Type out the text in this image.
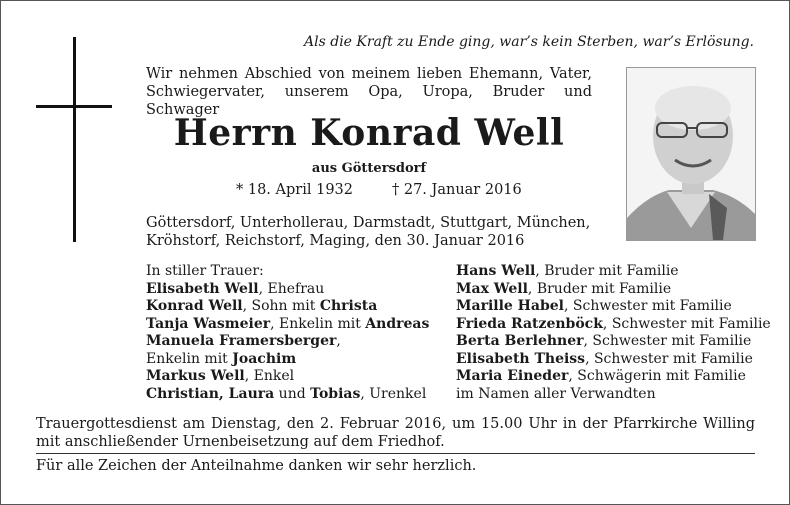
Als die Kraft zu Ende ging, war’s kein Sterben, war’s Erlösung.
Wir nehmen Abschied von meinem lieben Ehemann, Vater, Schwiegervater, unserem Opa, Uropa, Bruder und Schwager
Herrn Konrad Well
aus Göttersdorf
* 18. April 1932	† 27. Januar 2016
Göttersdorf, Unterhollerau, Darmstadt, Stuttgart, München, Kröhstorf, Reichstorf, Maging, den 30. Januar 2016
In stiller Trauer:
Elisabeth Well, Ehefrau
Konrad Well, Sohn mit Christa
Tanja Wasmeier, Enkelin mit Andreas
Manuela Framersberger,
Enkelin mit Joachim
Markus Well, Enkel
Christian, Laura und Tobias, Urenkel
Hans Well, Bruder mit Familie
Max Well, Bruder mit Familie
Marille Habel, Schwester mit Familie
Frieda Ratzenböck, Schwester mit Familie
Berta Berlehner, Schwester mit Familie
Elisabeth Theiss, Schwester mit Familie
Maria Eineder, Schwägerin mit Familie
im Namen aller Verwandten
Trauergottesdienst am Dienstag, den 2. Februar 2016, um 15.00 Uhr in der Pfarrkirche Willing mit anschließender Urnenbeisetzung auf dem Friedhof.
Für alle Zeichen der Anteilnahme danken wir sehr herzlich.
